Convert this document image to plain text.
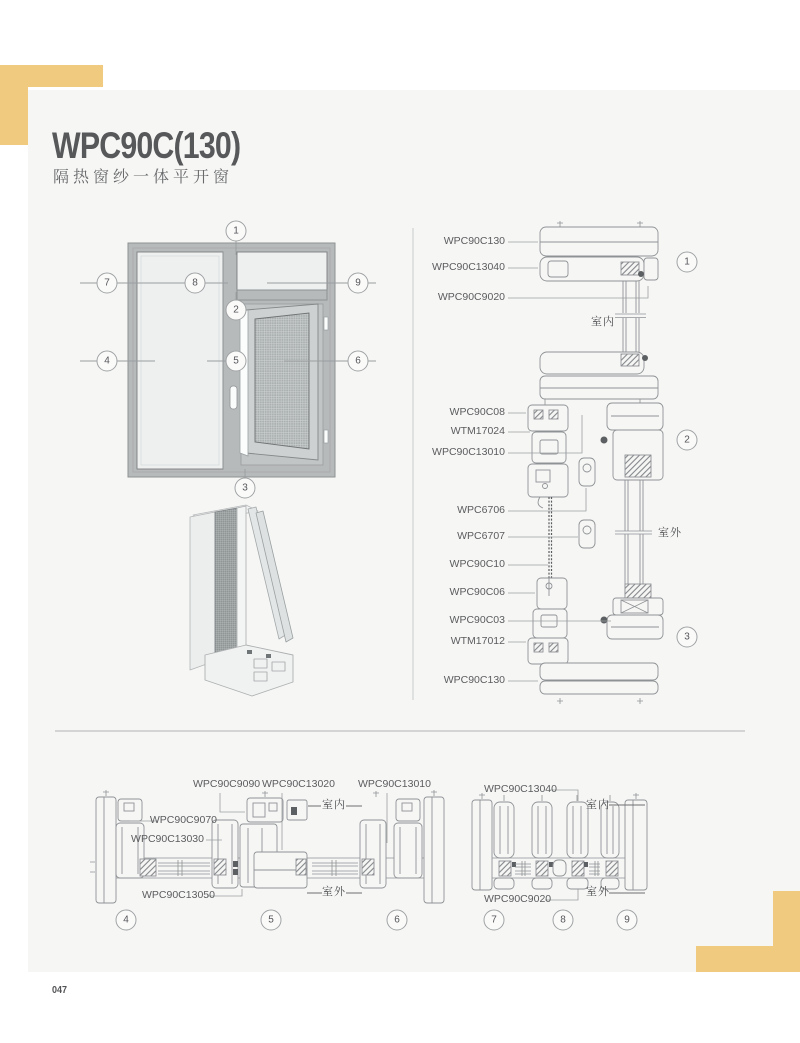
WPC90C(130)
隔热窗纱一体平开窗
047
WPC90C130
WPC90C13040
WPC90C9020
WPC90C08
WTM17024
WPC90C13010
WPC6706
WPC6707
WPC90C10
WPC90C06
WPC90C03
WTM17012
WPC90C130
室内
室外
WPC90C9090 WPC90C13020 WPC90C13010
WPC90C9070
WPC90C13030
WPC90C13050
室内
室外
WPC90C13040
WPC90C9020
室内
室外
1
2
3
4	5	6
7	8	9
1
2
3
4	5	6	7	8	9
